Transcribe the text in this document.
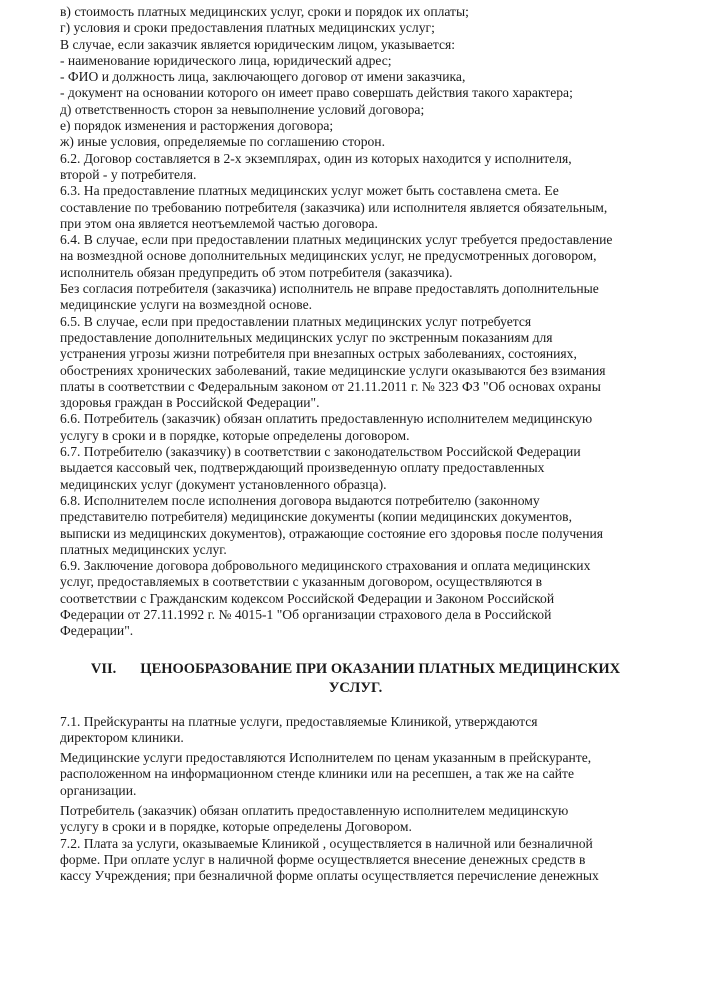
в) стоимость платных медицинских услуг, сроки и порядок их оплаты;

г) условия и сроки предоставления платных медицинских услуг;

В случае, если заказчик является юридическим лицом, указывается:

- наименование юридического лица, юридический адрес;

- ФИО и должность лица, заключающего договор от имени заказчика,

- документ на основании которого он имеет право совершать действия такого характера;

д) ответственность сторон за невыполнение условий договора;

е) порядок изменения и расторжения договора;

ж) иные условия, определяемые по соглашению сторон.

6.2. Договор составляется в 2-х экземплярах, один из которых находится у исполнителя,

второй - у потребителя.

6.3. На предоставление платных медицинских услуг может быть составлена смета. Ее

составление по требованию потребителя (заказчика) или исполнителя является обязательным,

при этом она является неотъемлемой частью договора.

6.4. В случае, если при предоставлении платных медицинских услуг требуется предоставление

на возмездной основе дополнительных медицинских услуг, не предусмотренных договором,

исполнитель обязан предупредить об этом потребителя (заказчика).

Без согласия потребителя (заказчика) исполнитель не вправе предоставлять дополнительные

медицинские услуги на возмездной основе.

6.5. В случае, если при предоставлении платных медицинских услуг потребуется

предоставление дополнительных медицинских услуг по экстренным показаниям для

устранения угрозы жизни потребителя при внезапных острых заболеваниях, состояниях,

обострениях хронических заболеваний, такие медицинские услуги оказываются без взимания

платы в соответствии с Федеральным законом от 21.11.2011 г. № 323 ФЗ "Об основах охраны

здоровья граждан в Российской Федерации".

6.6. Потребитель (заказчик) обязан оплатить предоставленную исполнителем медицинскую

услугу в сроки и в порядке, которые определены договором.

6.7. Потребителю (заказчику) в соответствии с законодательством Российской Федерации

выдается кассовый чек, подтверждающий произведенную оплату предоставленных

медицинских услуг (документ установленного образца).

6.8. Исполнителем после исполнения договора выдаются потребителю (законному

представителю потребителя) медицинские документы (копии медицинских документов,

выписки из медицинских документов), отражающие состояние его здоровья после получения

платных медицинских услуг.

6.9. Заключение договора добровольного медицинского страхования и оплата медицинских

услуг, предоставляемых в соответствии с указанным договором, осуществляются в

соответствии с Гражданским кодексом Российской Федерации и Законом Российской

Федерации от 27.11.1992 г. № 4015-1 "Об организации страхового дела в Российской

Федерации".

VII. ЦЕНООБРАЗОВАНИЕ ПРИ ОКАЗАНИИ ПЛАТНЫХ МЕДИЦИНСКИХ
УСЛУГ.

7.1. Прейскуранты на платные услуги, предоставляемые Клиникой, утверждаются

директором клиники.

Медицинские услуги предоставляются Исполнителем по ценам указанным в прейскуранте,

расположенном на информационном стенде клиники или на ресепшен, а так же на сайте

организации.

Потребитель (заказчик) обязан оплатить предоставленную исполнителем медицинскую

услугу в сроки и в порядке, которые определены Договором.

7.2. Плата за услуги, оказываемые Клиникой , осуществляется в наличной или безналичной

форме. При оплате услуг в наличной форме осуществляется внесение денежных средств в

кассу Учреждения; при безналичной форме оплаты осуществляется перечисление денежных
